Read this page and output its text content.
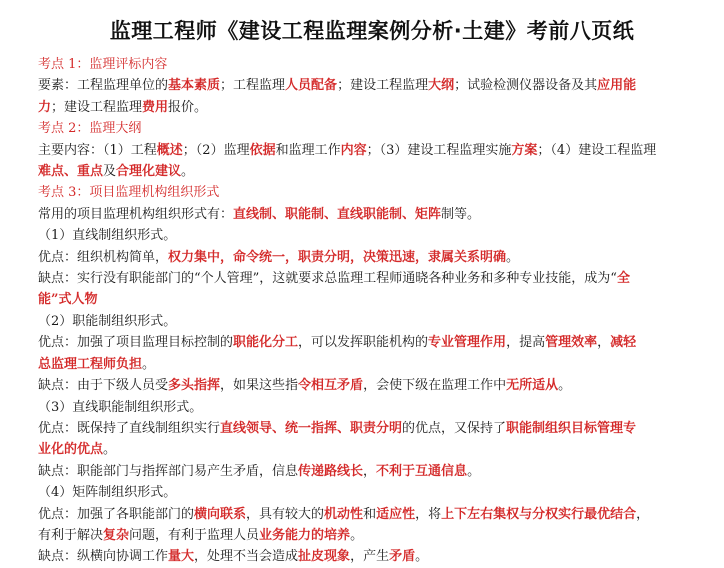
监理工程师《建设工程监理案例分析·土建》考前八页纸
考点 1：监理评标内容
要素：工程监理单位的基本素质；工程监理人员配备；建设工程监理大纲；试验检测仪器设备及其应用能
力；建设工程监理费用报价。
考点 2：监理大纲
主要内容：（1）工程概述；（2）监理依据和监理工作内容；（3）建设工程监理实施方案；（4）建设工程监理
难点、重点及合理化建议。
考点 3：项目监理机构组织形式
常用的项目监理机构组织形式有：直线制、职能制、直线职能制、矩阵制等。
（1）直线制组织形式。
优点：组织机构简单，权力集中，命令统一，职责分明，决策迅速，隶属关系明确。
缺点：实行没有职能部门的“个人管理”，这就要求总监理工程师通晓各种业务和多种专业技能，成为“全
能”式人物
（2）职能制组织形式。
优点：加强了项目监理目标控制的职能化分工，可以发挥职能机构的专业管理作用，提高管理效率，减轻
总监理工程师负担。
缺点：由于下级人员受多头指挥，如果这些指令相互矛盾，会使下级在监理工作中无所适从。
（3）直线职能制组织形式。
优点：既保持了直线制组织实行直线领导、统一指挥、职责分明的优点，又保持了职能制组织目标管理专
业化的优点。
缺点：职能部门与指挥部门易产生矛盾，信息传递路线长，不利于互通信息。
（4）矩阵制组织形式。
优点：加强了各职能部门的横向联系，具有较大的机动性和适应性，将上下左右集权与分权实行最优结合，
有利于解决复杂问题，有利于监理人员业务能力的培养。
缺点：纵横向协调工作量大，处理不当会造成扯皮现象，产生矛盾。
